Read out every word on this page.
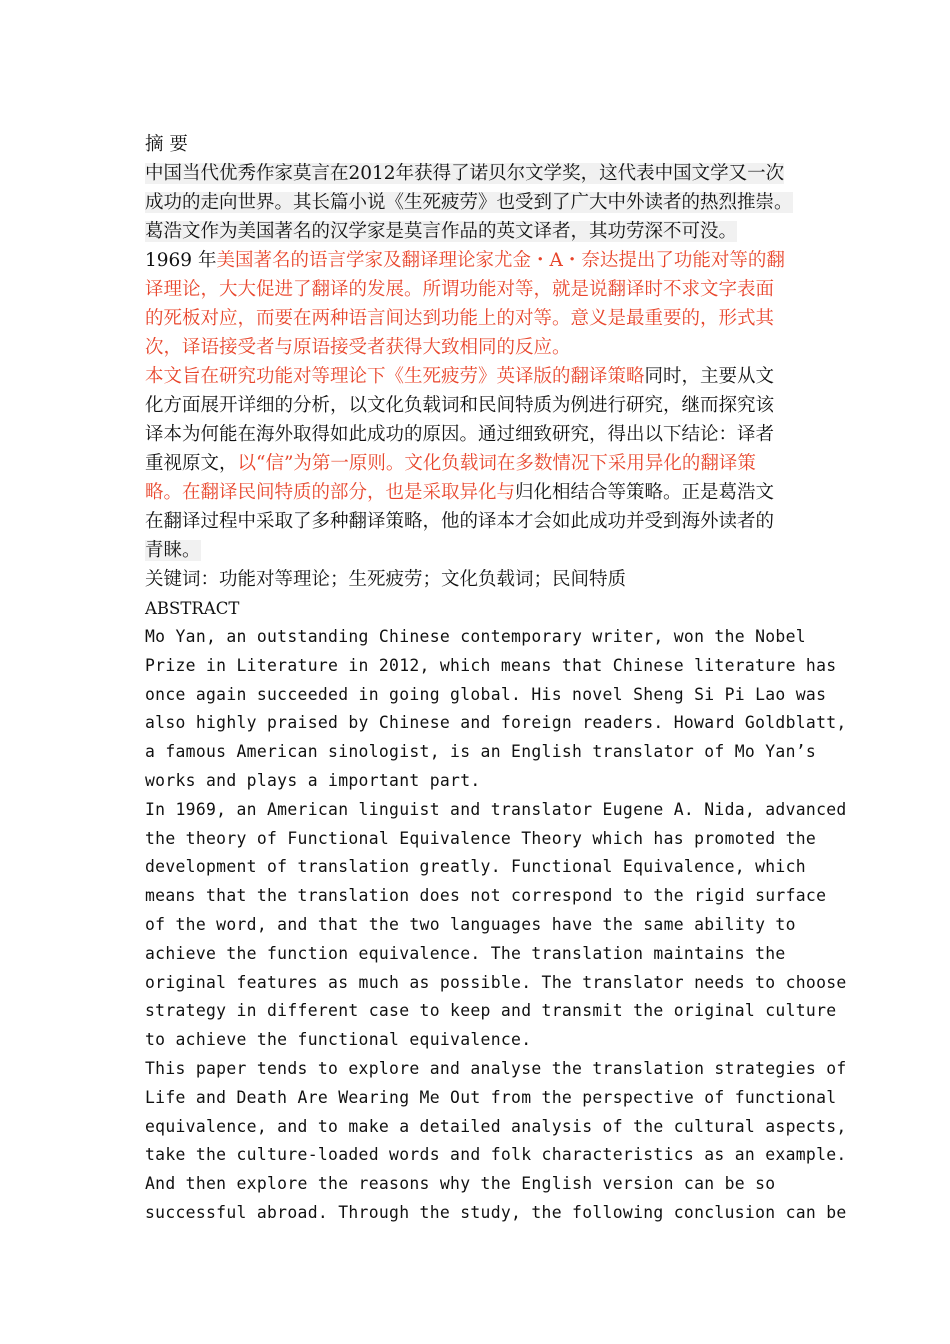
摘 要

中国当代优秀作家莫言在2012年获得了诺贝尔文学奖，这代表中国文学又一次

成功的走向世界。其长篇小说《生死疲劳》也受到了广大中外读者的热烈推崇。

葛浩文作为美国著名的汉学家是莫言作品的英文译者，其功劳深不可没。

1969 年美国著名的语言学家及翻译理论家尤金・A・奈达提出了功能对等的翻

译理论，大大促进了翻译的发展。所谓功能对等，就是说翻译时不求文字表面

的死板对应，而要在两种语言间达到功能上的对等。意义是最重要的，形式其

次，译语接受者与原语接受者获得大致相同的反应。

本文旨在研究功能对等理论下《生死疲劳》英译版的翻译策略同时，主要从文

化方面展开详细的分析，以文化负载词和民间特质为例进行研究，继而探究该

译本为何能在海外取得如此成功的原因。通过细致研究，得出以下结论：译者

重视原文，以“信”为第一原则。文化负载词在多数情况下采用异化的翻译策

略。在翻译民间特质的部分，也是采取异化与归化相结合等策略。正是葛浩文

在翻译过程中采取了多种翻译策略，他的译本才会如此成功并受到海外读者的

青睐。

关键词：功能对等理论；生死疲劳；文化负载词；民间特质

ABSTRACT

Mo Yan, an outstanding Chinese contemporary writer, won the Nobel

Prize in Literature in 2012, which means that Chinese literature has

once again succeeded in going global. His novel Sheng Si Pi Lao was

also highly praised by Chinese and foreign readers. Howard Goldblatt,

a famous American sinologist, is an English translator of Mo Yan’s

works and plays a important part.

In 1969, an American linguist and translator Eugene A. Nida, advanced

the theory of Functional Equivalence Theory which has promoted the

development of translation greatly. Functional Equivalence, which

means that the translation does not correspond to the rigid surface

of the word, and that the two languages have the same ability to

achieve the function equivalence. The translation maintains the

original features as much as possible. The translator needs to choose

strategy in different case to keep and transmit the original culture

to achieve the functional equivalence.

This paper tends to explore and analyse the translation strategies of

Life and Death Are Wearing Me Out from the perspective of functional

equivalence, and to make a detailed analysis of the cultural aspects,

take the culture-loaded words and folk characteristics as an example.

And then explore the reasons why the English version can be so

successful abroad. Through the study, the following conclusion can be
